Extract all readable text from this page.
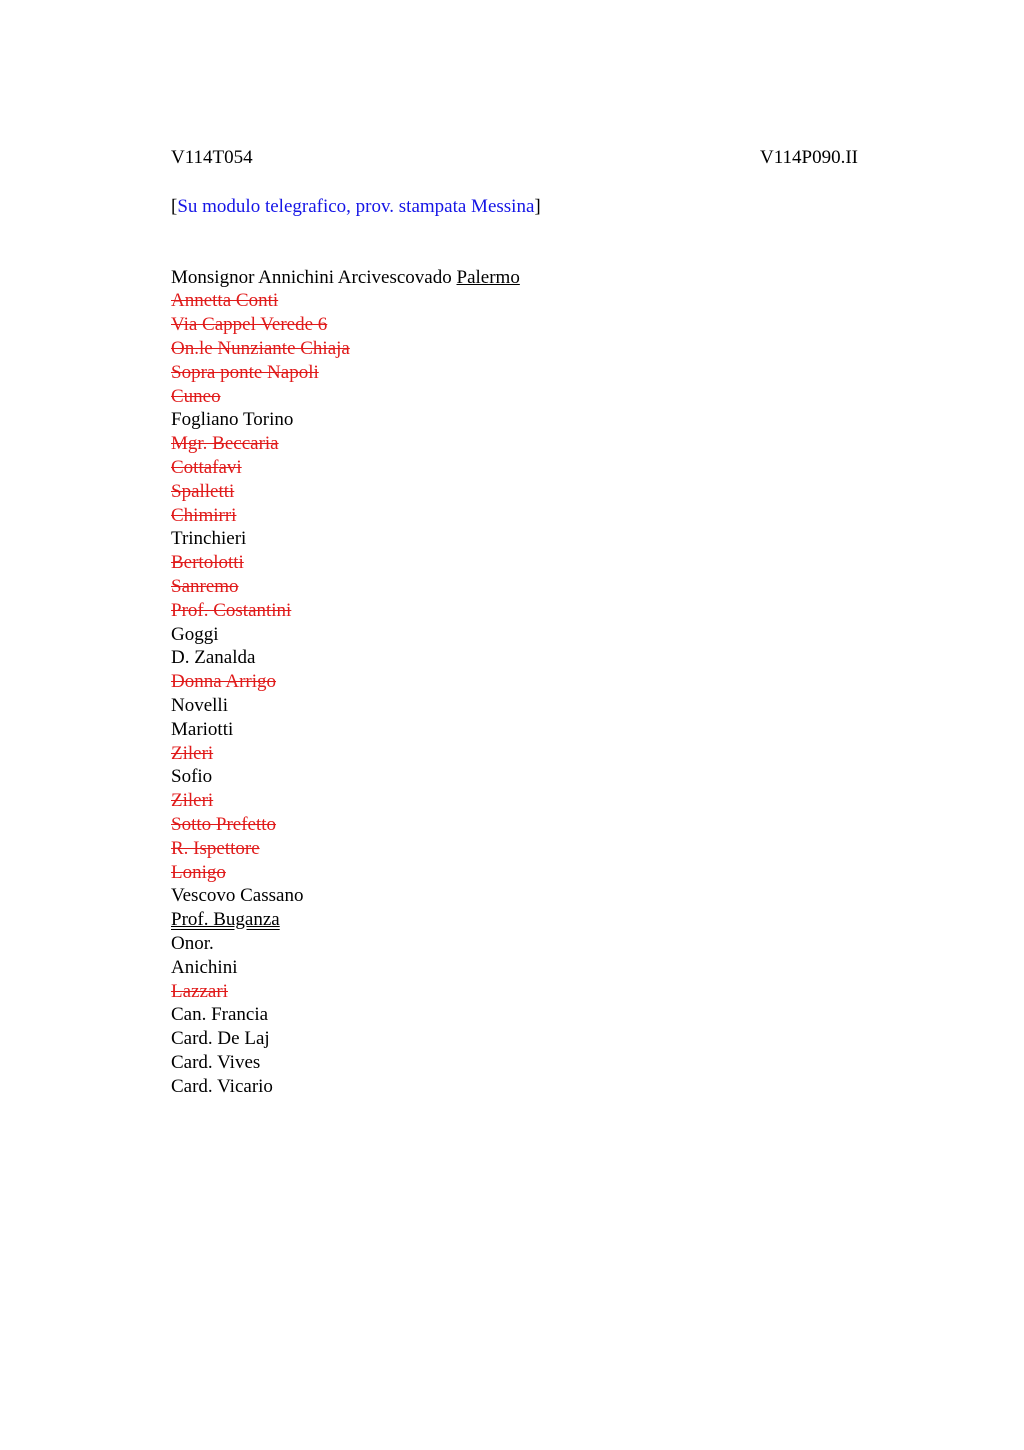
V114T054	V114P090.II
[Su modulo telegrafico, prov. stampata Messina]
Monsignor Annichini Arcivescovado Palermo
Annetta Conti
Via Cappel Verede 6
On.le Nunziante Chiaja
Sopra ponte Napoli
Cuneo
Fogliano Torino
Mgr. Beccaria
Cottafavi
Spalletti
Chimirri
Trinchieri
Bertolotti
Sanremo
Prof. Costantini
Goggi
D. Zanalda
Donna Arrigo
Novelli
Mariotti
Zileri
Sofio
Zileri
Sotto Prefetto
R. Ispettore
Lonigo
Vescovo Cassano
Prof. Buganza
Onor.
Anichini
Lazzari
Can. Francia
Card. De Laj
Card. Vives
Card. Vicario
